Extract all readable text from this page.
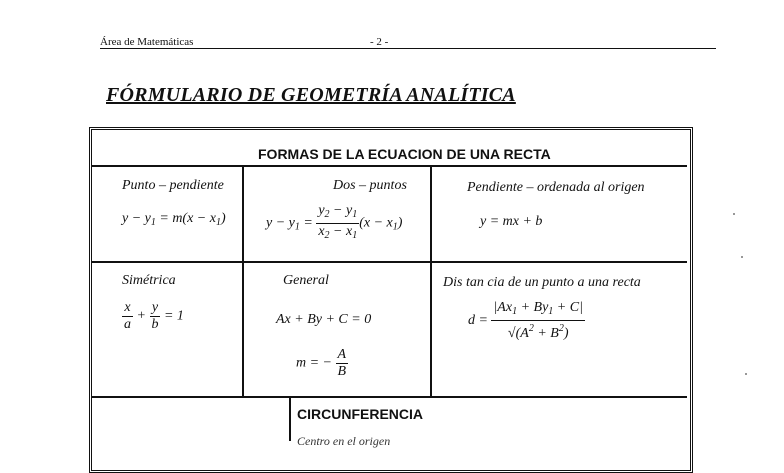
Área de Matemáticas	- 2 -
FÓRMULARIO DE GEOMETRÍA ANALÍTICA
FORMAS DE LA ECUACION DE UNA RECTA
Punto – pendiente
$y - y_1 = m(x - x_1)$
Dos – puntos
$y - y_1 = \frac{y_2 - y_1}{x_2 - x_1} (x - x_1)$
Pendiente – ordenada al origen
y = mx + b
Simétrica
$\frac{x}{a} + \frac{y}{b} = 1$
General
Ax + By + C = 0
m = − $\frac{A}{B}$
Dis tan cia de un punto a una recta
$d = \frac{|Ax_1 + By_1 + C|}{√(A^2 + B^2)}$
CIRCUNFERENCIA
Centro en el origen
